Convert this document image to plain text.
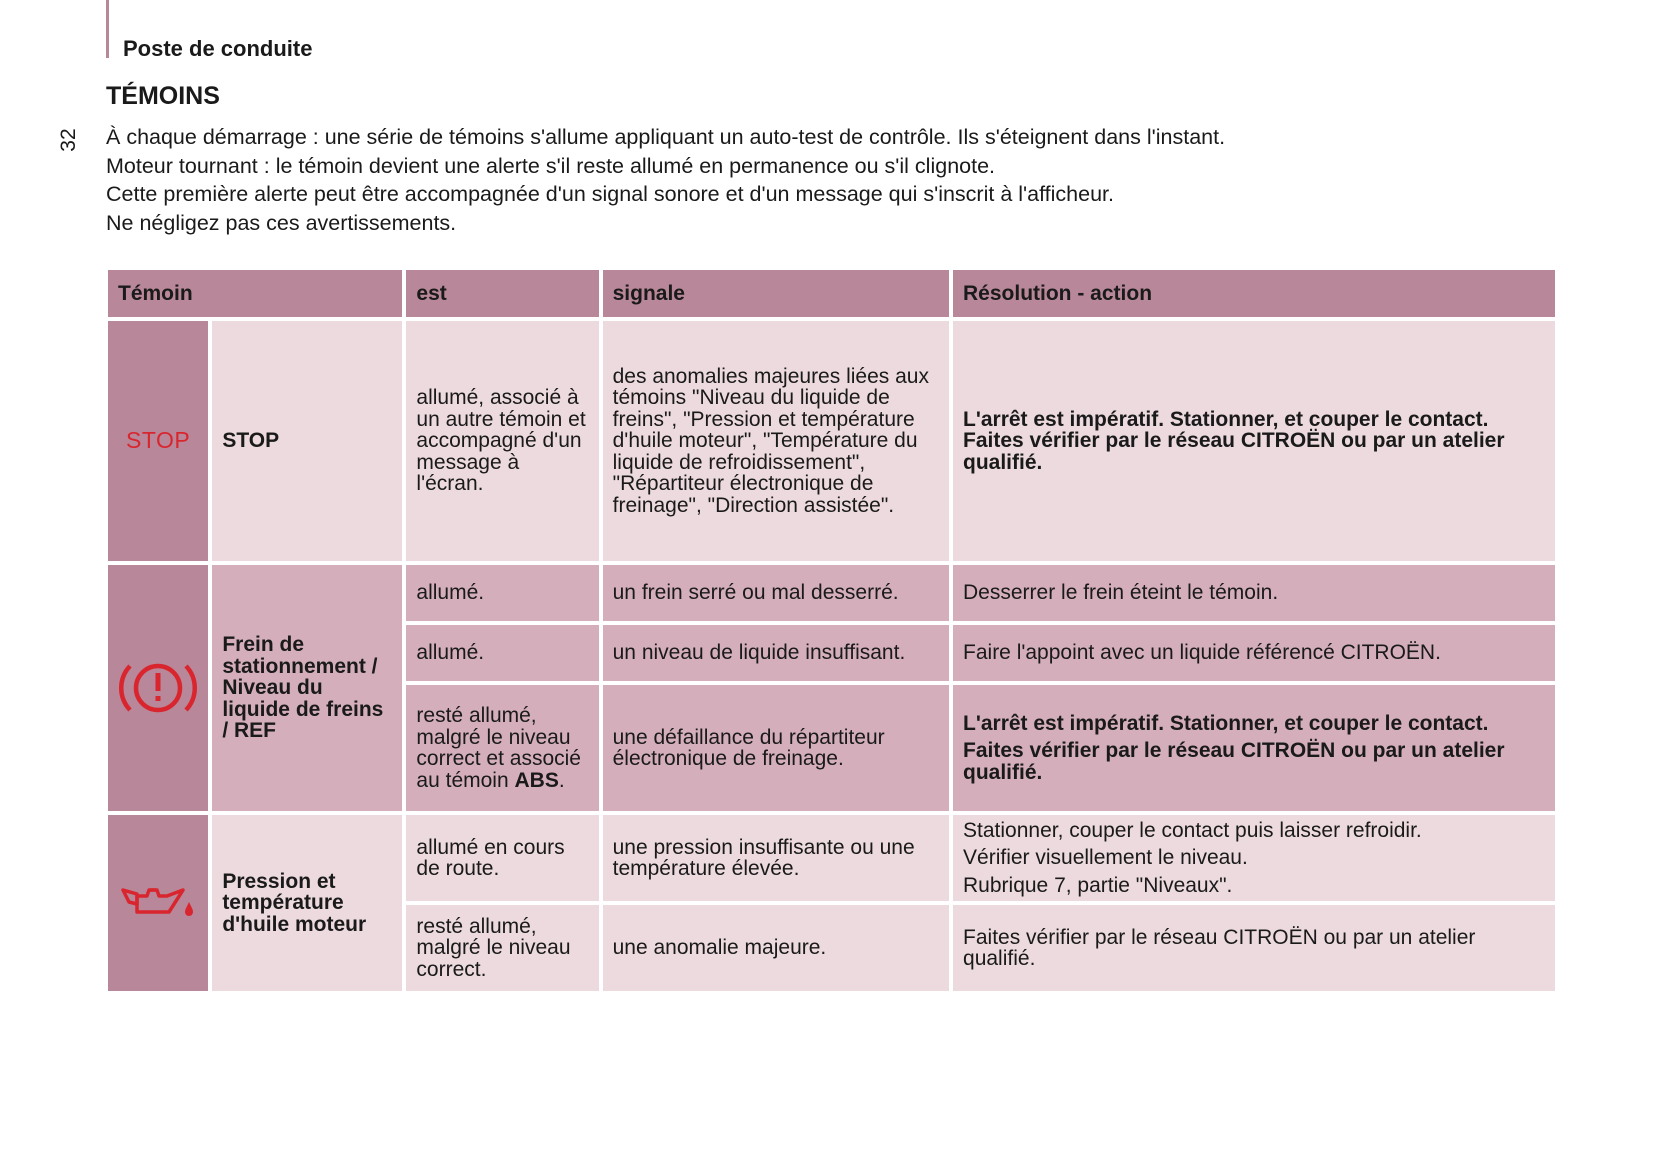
Poste de conduite
32
TÉMOINS

À chaque démarrage : une série de témoins s'allume appliquant un auto-test de contrôle. Ils s'éteignent dans l'instant.

Moteur tournant : le témoin devient une alerte s'il reste allumé en permanence ou s'il clignote.

Cette première alerte peut être accompagnée d'un signal sonore et d'un message qui s'inscrit à l'afficheur.

Ne négligez pas ces avertissements.

Témoin		est	signale	Résolution - action
STOP	STOP	allumé, associé à un autre témoin et accompagné d'un message à l'écran.	des anomalies majeures liées aux témoins "Niveau du liquide de freins", "Pression et température d'huile moteur", "Température du liquide de refroidissement", "Répartiteur électronique de freinage", "Direction assistée".	L'arrêt est impératif. Stationner, et couper le contact. Faites vérifier par le réseau CITROËN ou par un atelier qualifié.

	Frein de stationnement / Niveau du liquide de freins / REF	allumé.	un frein serré ou mal desserré.	Desserrer le frein éteint le témoin.

		allumé.	un niveau de liquide insuffisant.	Faire l'appoint avec un liquide référencé CITROËN.

		resté allumé, malgré le niveau correct et associé au témoin ABS.	une défaillance du répartiteur électronique de freinage.	L'arrêt est impératif. Stationner, et couper le contact.

Faites vérifier par le réseau CITROËN ou par un atelier qualifié.

	Pression et température d'huile moteur	allumé en cours de route.	une pression insuffisante ou une température élevée.	Stationner, couper le contact puis laisser refroidir.

Vérifier visuellement le niveau.

Rubrique 7, partie "Niveaux".

		resté allumé, malgré le niveau correct.	une anomalie majeure.	Faites vérifier par le réseau CITROËN ou par un atelier qualifié.
